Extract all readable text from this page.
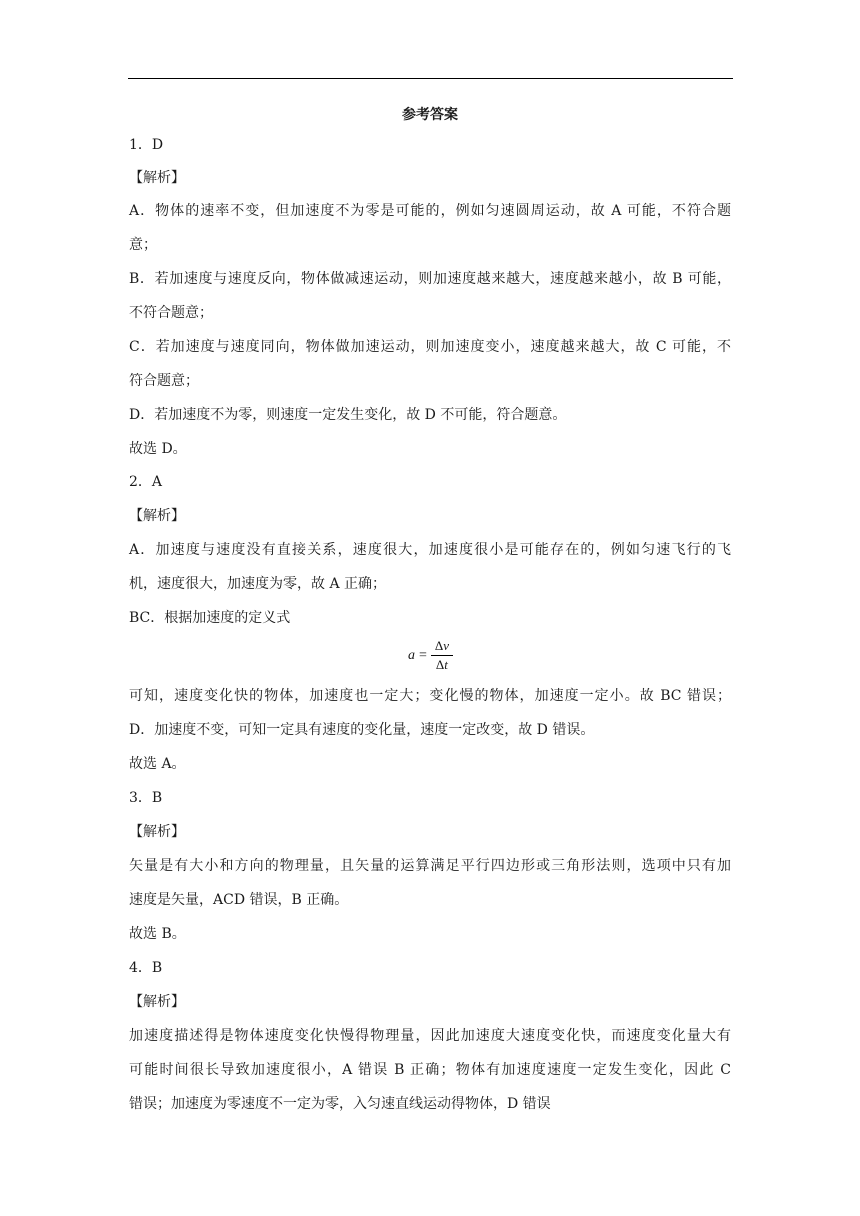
参考答案
1．D
【解析】
A．物体的速率不变，但加速度不为零是可能的，例如匀速圆周运动，故 A 可能，不符合题
意；
B．若加速度与速度反向，物体做减速运动，则加速度越来越大，速度越来越小，故 B 可能，
不符合题意；
C．若加速度与速度同向，物体做加速运动，则加速度变小，速度越来越大，故 C 可能，不
符合题意；
D．若加速度不为零，则速度一定发生变化，故 D 不可能，符合题意。
故选 D。
2．A
【解析】
A．加速度与速度没有直接关系，速度很大，加速度很小是可能存在的，例如匀速飞行的飞
机，速度很大，加速度为零，故 A 正确；
BC．根据加速度的定义式
$a = \frac{\Delta v}{\Delta t}$
可知，速度变化快的物体，加速度也一定大；变化慢的物体，加速度一定小。故 BC 错误；
D．加速度不变，可知一定具有速度的变化量，速度一定改变，故 D 错误。
故选 A。
3．B
【解析】
矢量是有大小和方向的物理量，且矢量的运算满足平行四边形或三角形法则，选项中只有加
速度是矢量，ACD 错误，B 正确。
故选 B。
4．B
【解析】
加速度描述得是物体速度变化快慢得物理量，因此加速度大速度变化快，而速度变化量大有
可能时间很长导致加速度很小，A 错误 B 正确；物体有加速度速度一定发生变化，因此 C
错误；加速度为零速度不一定为零，入匀速直线运动得物体，D 错误
